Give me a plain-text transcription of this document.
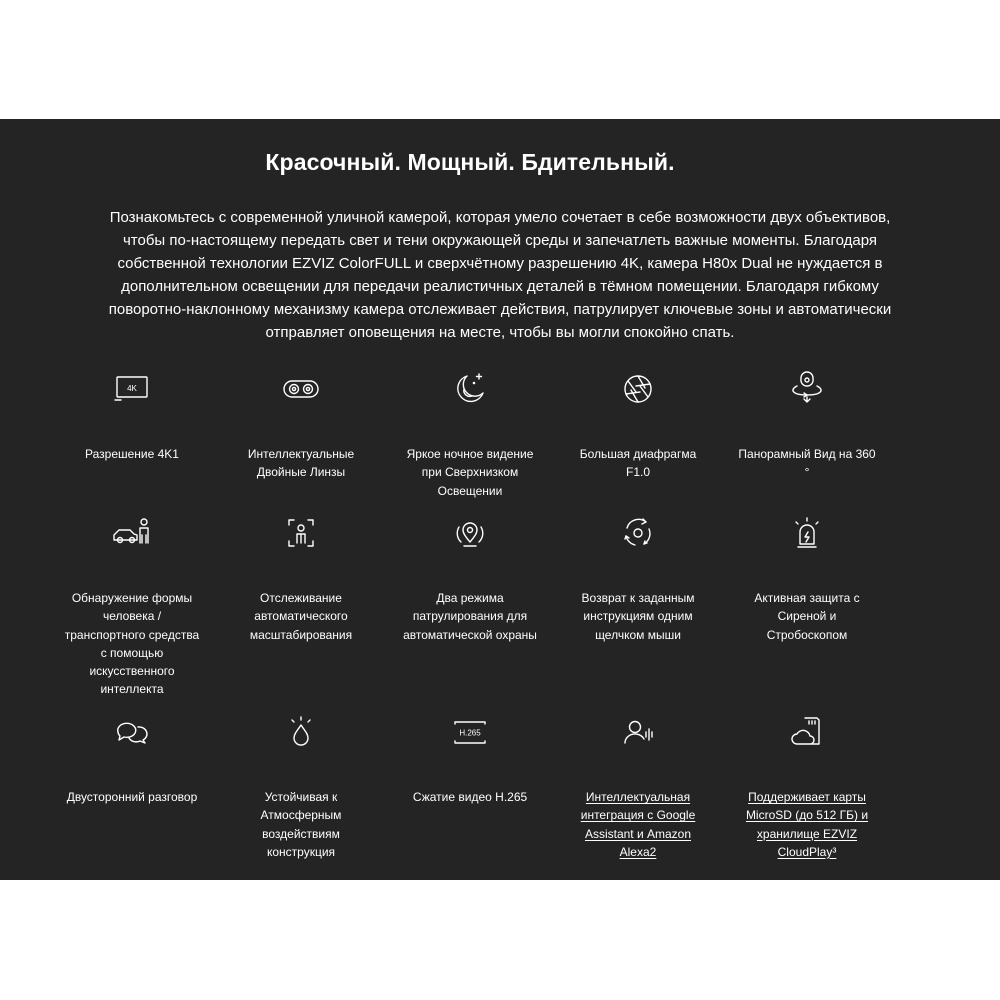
Красочный. Мощный. Бдительный.

Познакомьтесь с современной уличной камерой, которая умело сочетает в себе возможности двух объективов,
чтобы по-настоящему передать свет и тени окружающей среды и запечатлеть важные моменты. Благодаря
собственной технологии EZVIZ ColorFULL и сверхчётному разрешению 4K, камера H80x Dual не нуждается в
дополнительном освещении для передачи реалистичных деталей в тёмном помещении. Благодаря гибкому
поворотно-наклонному механизму камера отслеживает действия, патрулирует ключевые зоны и автоматически
отправляет оповещения на месте, чтобы вы могли спокойно спать.

4K
Разрешение 4K1	Интеллектуальные
Двойные Линзы
Яркое ночное видение
при Сверхнизком
Освещении
Большая диафрагма
F1.0
Панорамный Вид на 360
°
Обнаружение формы
человека /
транспортного средства
с помощью
искусственного
интеллекта
Отслеживание
автоматического
масштабирования
Два режима
патрулирования для
автоматической охраны
Возврат к заданным
инструкциям одним
щелчком мыши
Активная защита с
Сиреной и
Стробоскопом
Двусторонний разговор	Устойчивая к
Атмосферным
воздействиям
конструкция
H.265
Сжатие видео H.265	Интеллектуальная
интеграция с Google
Assistant и Amazon
Alexa2
Поддерживает карты
MicroSD (до 512 ГБ) и
хранилище EZVIZ
CloudPlay³
